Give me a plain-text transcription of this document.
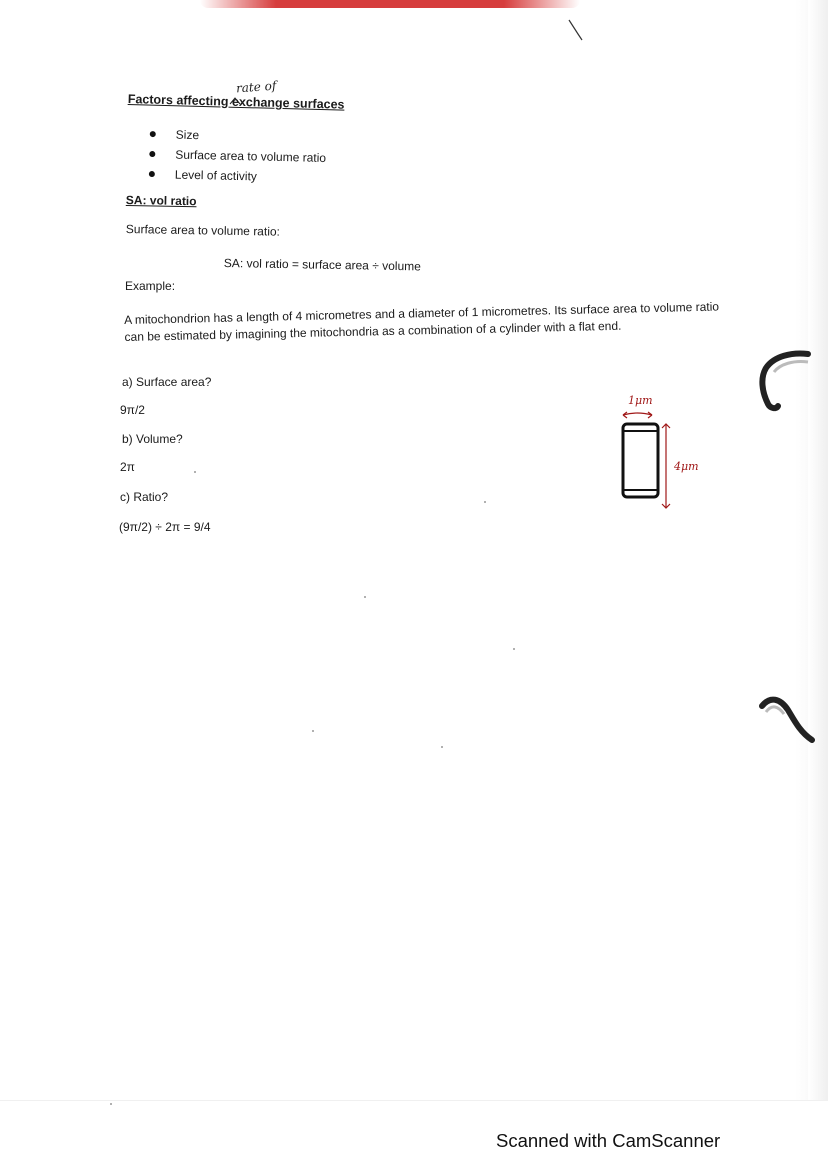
rate of
Factors affecting exchange surfaces
Size
Surface area to volume ratio
Level of activity
SA: vol ratio
Surface area to volume ratio:
SA: vol ratio = surface area ÷ volume
Example:
A mitochondrion has a length of 4 micrometres and a diameter of 1 micrometres. Its surface area to volume ratio can be estimated by imagining the mitochondria as a combination of a cylinder with a flat end.
a) Surface area?
9π/2
b) Volume?
2π
c) Ratio?
(9π/2) ÷ 2π = 9/4
1μm
4μm
Scanned with CamScanner
